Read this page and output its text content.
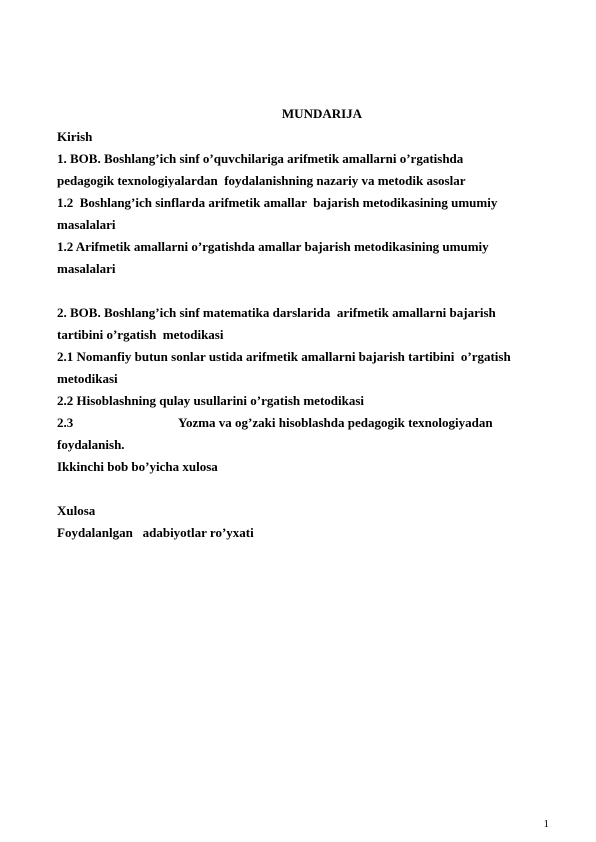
MUNDARIJA
Kirish
1. BOB. Boshlang’ich sinf o’quvchilariga arifmetik amallarni o’rgatishda
pedagogik texnologiyalardan  foydalanishning nazariy va metodik asoslar
1.2  Boshlang’ich sinflarda arifmetik amallar  bajarish metodikasining umumiy
masalalari
1.2 Arifmetik amallarni o’rgatishda amallar bajarish metodikasining umumiy
masalalari
2. BOB. Boshlang’ich sinf matematika darslarida  arifmetik amallarni bajarish
tartibini o’rgatish  metodikasi
2.1 Nomanfiy butun sonlar ustida arifmetik amallarni bajarish tartibini  o’rgatish
metodikasi
2.2 Hisoblashning qulay usullarini o’rgatish metodikasi
2.3	Yozma va og’zaki hisoblashda pedagogik texnologiyadan
foydalanish.
Ikkinchi bob bo’yicha xulosa
Xulosa
Foydalanlgan   adabiyotlar ro’yxati
1
